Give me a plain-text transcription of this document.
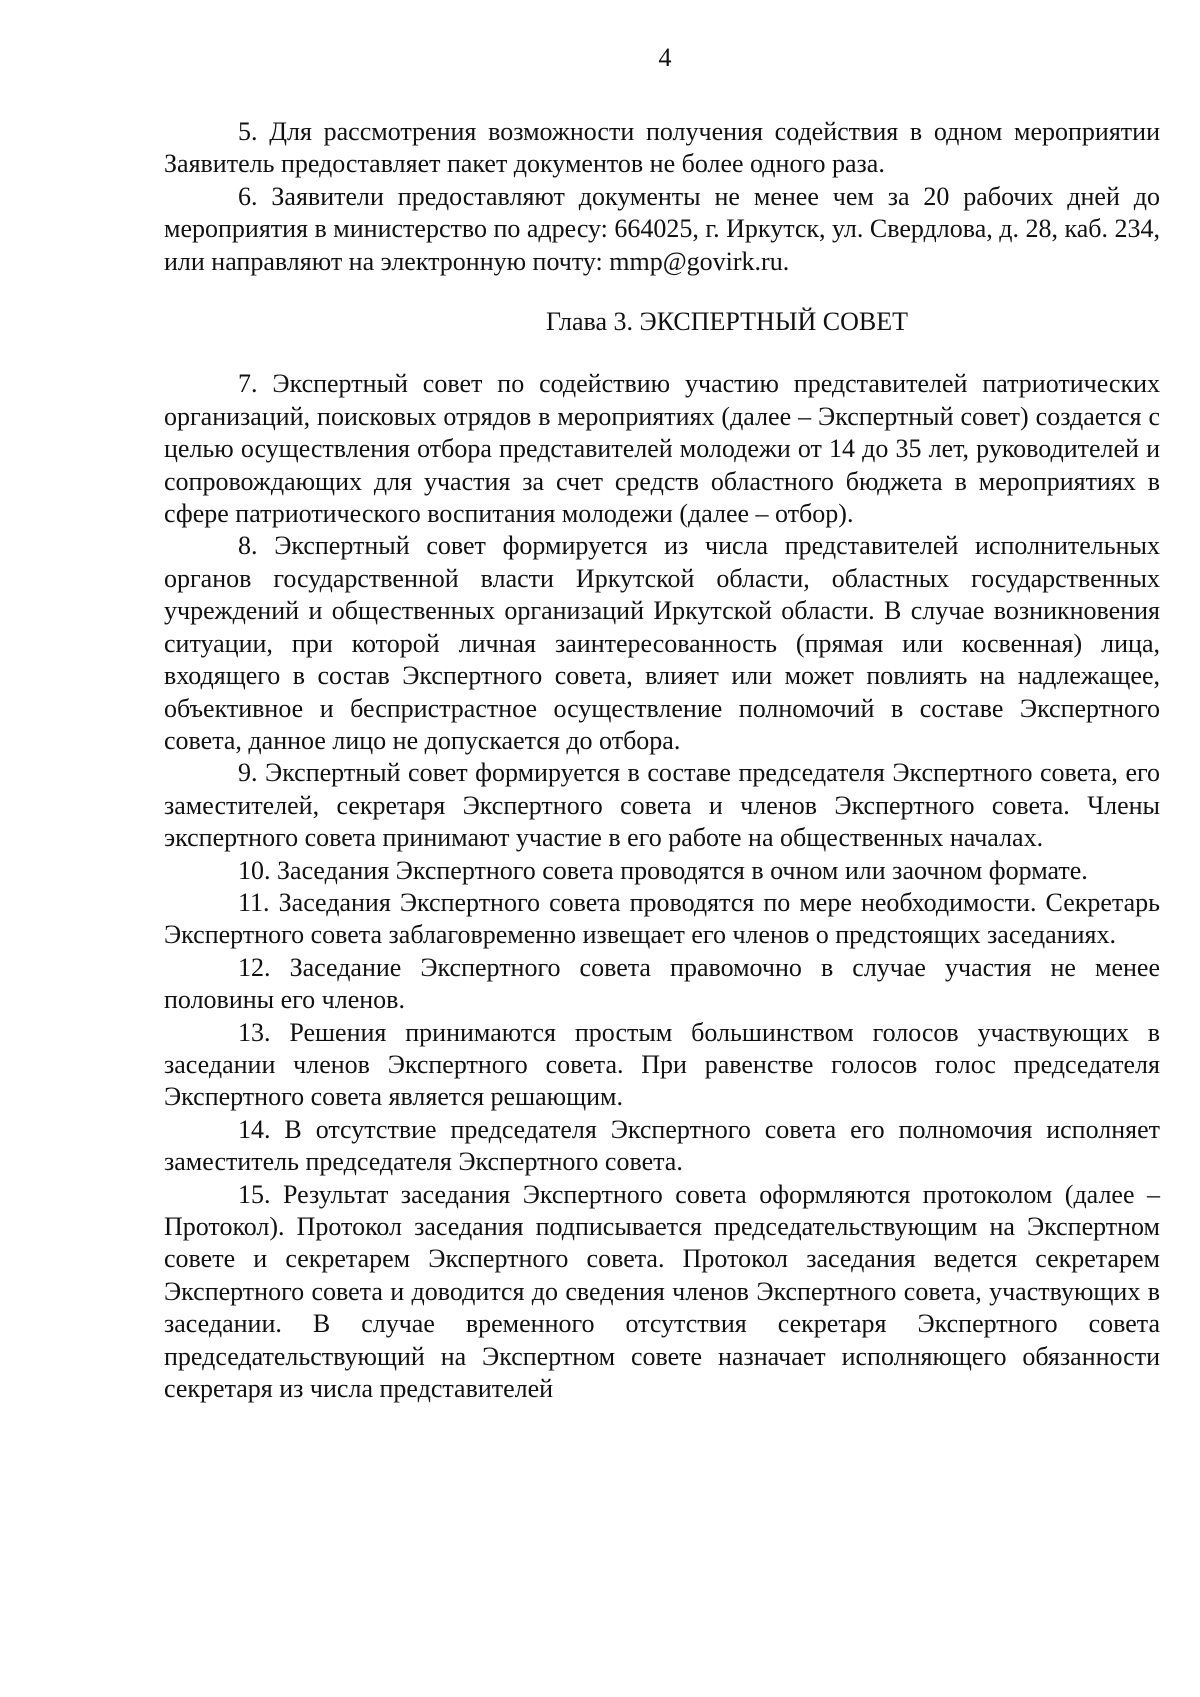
4

5. Для рассмотрения возможности получения содействия в одном мероприятии Заявитель предоставляет пакет документов не более одного раза.

6. Заявители предоставляют документы не менее чем за 20 рабочих дней до мероприятия в министерство по адресу: 664025, г. Иркутск, ул. Свердлова, д. 28, каб. 234, или направляют на электронную почту: mmp@govirk.ru.

Глава 3. ЭКСПЕРТНЫЙ СОВЕТ

7. Экспертный совет по содействию участию представителей патриотических организаций, поисковых отрядов в мероприятиях (далее – Экспертный совет) создается с целью осуществления отбора представителей молодежи от 14 до 35 лет, руководителей и сопровождающих для участия за счет средств областного бюджета в мероприятиях в сфере патриотического воспитания молодежи (далее – отбор).

8. Экспертный совет формируется из числа представителей исполнительных органов государственной власти Иркутской области, областных государственных учреждений и общественных организаций Иркутской области. В случае возникновения ситуации, при которой личная заинтересованность (прямая или косвенная) лица, входящего в состав Экспертного совета, влияет или может повлиять на надлежащее, объективное и беспристрастное осуществление полномочий в составе Экспертного совета, данное лицо не допускается до отбора.

9. Экспертный совет формируется в составе председателя Экспертного совета, его заместителей, секретаря Экспертного совета и членов Экспертного совета. Члены экспертного совета принимают участие в его работе на общественных началах.

10. Заседания Экспертного совета проводятся в очном или заочном формате.

11. Заседания Экспертного совета проводятся по мере необходимости. Секретарь Экспертного совета заблаговременно извещает его членов о предстоящих заседаниях.

12. Заседание Экспертного совета правомочно в случае участия не менее половины его членов.

13. Решения принимаются простым большинством голосов участвующих в заседании членов Экспертного совета. При равенстве голосов голос председателя Экспертного совета является решающим.

14. В отсутствие председателя Экспертного совета его полномочия исполняет заместитель председателя Экспертного совета.

15. Результат заседания Экспертного совета оформляются протоколом (далее – Протокол). Протокол заседания подписывается председательствующим на Экспертном совете и секретарем Экспертного совета. Протокол заседания ведется секретарем Экспертного совета и доводится до сведения членов Экспертного совета, участвующих в заседании. В случае временного отсутствия секретаря Экспертного совета председательствующий на Экспертном совете назначает исполняющего обязанности секретаря из числа представителей
